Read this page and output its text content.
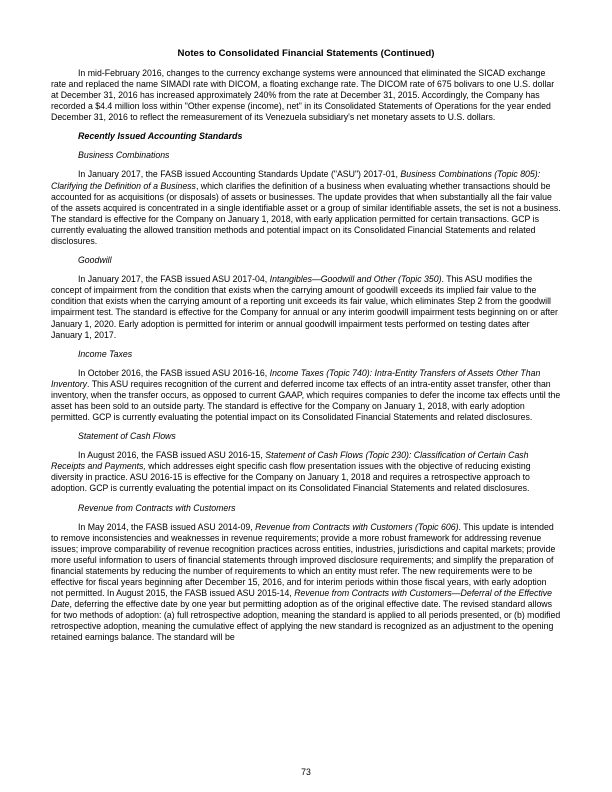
Notes to Consolidated Financial Statements (Continued)

In mid-February 2016, changes to the currency exchange systems were announced that eliminated the SICAD exchange rate and replaced the name SIMADI rate with DICOM, a floating exchange rate. The DICOM rate of 675 bolivars to one U.S. dollar at December 31, 2016 has increased approximately 240% from the rate at December 31, 2015. Accordingly, the Company has recorded a $4.4 million loss within "Other expense (income), net" in its Consolidated Statements of Operations for the year ended December 31, 2016 to reflect the remeasurement of its Venezuela subsidiary's net monetary assets to U.S. dollars.

Recently Issued Accounting Standards
Business Combinations

In January 2017, the FASB issued Accounting Standards Update ("ASU") 2017-01, Business Combinations (Topic 805): Clarifying the Definition of a Business, which clarifies the definition of a business when evaluating whether transactions should be accounted for as acquisitions (or disposals) of assets or businesses. The update provides that when substantially all the fair value of the assets acquired is concentrated in a single identifiable asset or a group of similar identifiable assets, the set is not a business. The standard is effective for the Company on January 1, 2018, with early application permitted for certain transactions. GCP is currently evaluating the allowed transition methods and potential impact on its Consolidated Financial Statements and related disclosures.

Goodwill

In January 2017, the FASB issued ASU 2017-04, Intangibles—Goodwill and Other (Topic 350). This ASU modifies the concept of impairment from the condition that exists when the carrying amount of goodwill exceeds its implied fair value to the condition that exists when the carrying amount of a reporting unit exceeds its fair value, which eliminates Step 2 from the goodwill impairment test. The standard is effective for the Company for annual or any interim goodwill impairment tests beginning on or after January 1, 2020. Early adoption is permitted for interim or annual goodwill impairment tests performed on testing dates after January 1, 2017.

Income Taxes

In October 2016, the FASB issued ASU 2016-16, Income Taxes (Topic 740): Intra-Entity Transfers of Assets Other Than Inventory. This ASU requires recognition of the current and deferred income tax effects of an intra-entity asset transfer, other than inventory, when the transfer occurs, as opposed to current GAAP, which requires companies to defer the income tax effects until the asset has been sold to an outside party. The standard is effective for the Company on January 1, 2018, with early adoption permitted. GCP is currently evaluating the potential impact on its Consolidated Financial Statements and related disclosures.

Statement of Cash Flows

In August 2016, the FASB issued ASU 2016-15, Statement of Cash Flows (Topic 230): Classification of Certain Cash Receipts and Payments, which addresses eight specific cash flow presentation issues with the objective of reducing existing diversity in practice. ASU 2016-15 is effective for the Company on January 1, 2018 and requires a retrospective approach to adoption. GCP is currently evaluating the potential impact on its Consolidated Financial Statements and related disclosures.

Revenue from Contracts with Customers

In May 2014, the FASB issued ASU 2014-09, Revenue from Contracts with Customers (Topic 606). This update is intended to remove inconsistencies and weaknesses in revenue requirements; provide a more robust framework for addressing revenue issues; improve comparability of revenue recognition practices across entities, industries, jurisdictions and capital markets; provide more useful information to users of financial statements through improved disclosure requirements; and simplify the preparation of financial statements by reducing the number of requirements to which an entity must refer. The new requirements were to be effective for fiscal years beginning after December 15, 2016, and for interim periods within those fiscal years, with early adoption not permitted. In August 2015, the FASB issued ASU 2015-14, Revenue from Contracts with Customers—Deferral of the Effective Date, deferring the effective date by one year but permitting adoption as of the original effective date. The revised standard allows for two methods of adoption: (a) full retrospective adoption, meaning the standard is applied to all periods presented, or (b) modified retrospective adoption, meaning the cumulative effect of applying the new standard is recognized as an adjustment to the opening retained earnings balance. The standard will be

73
